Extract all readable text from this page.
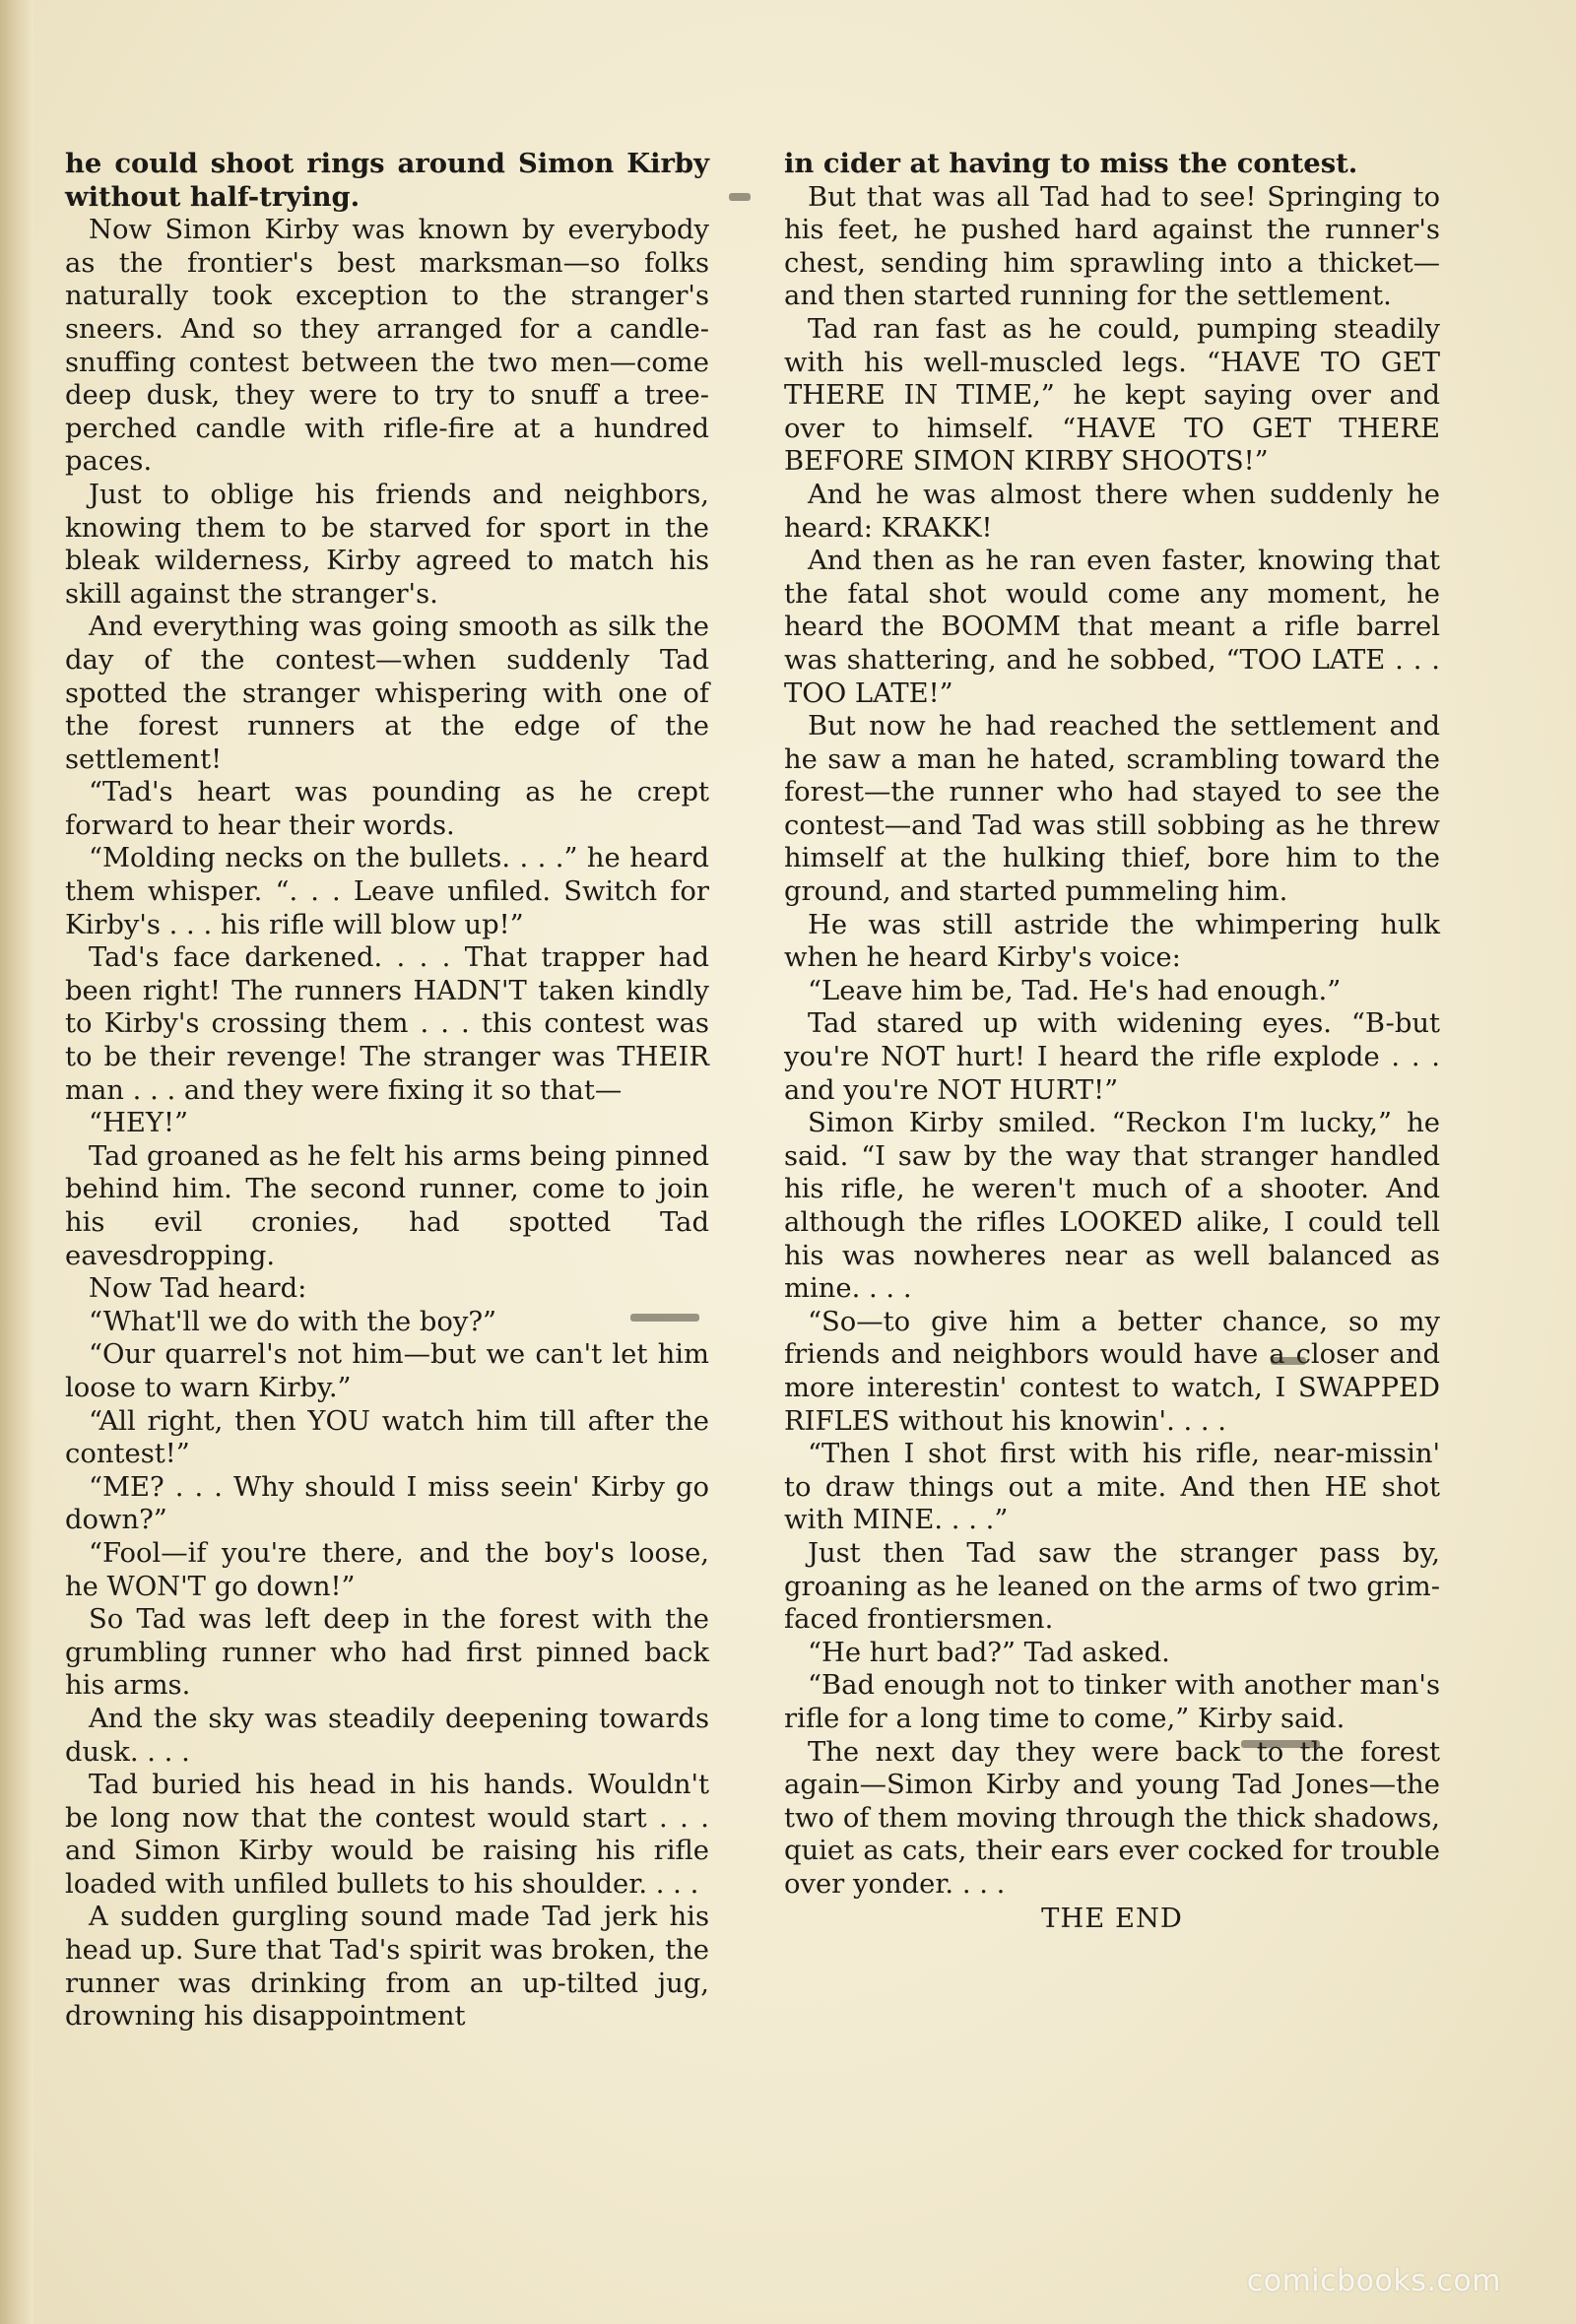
he could shoot rings around Simon Kirby without half-trying.

Now Simon Kirby was known by everybody as the frontier's best marksman—so folks naturally took exception to the stranger's sneers. And so they arranged for a candle-snuffing contest between the two men—come deep dusk, they were to try to snuff a tree-perched candle with rifle-fire at a hundred paces.

Just to oblige his friends and neighbors, knowing them to be starved for sport in the bleak wilderness, Kirby agreed to match his skill against the stranger's.

And everything was going smooth as silk the day of the contest—when suddenly Tad spotted the stranger whispering with one of the forest runners at the edge of the settlement!

“Tad's heart was pounding as he crept forward to hear their words.

“Molding necks on the bullets. . . .” he heard them whisper. “. . . Leave unfiled. Switch for Kirby's . . . his rifle will blow up!”

Tad's face darkened. . . . That trapper had been right! The runners HADN'T taken kindly to Kirby's crossing them . . . this contest was to be their revenge! The stranger was THEIR man . . . and they were fixing it so that—

“HEY!”

Tad groaned as he felt his arms being pinned behind him. The second runner, come to join his evil cronies, had spotted Tad eavesdropping.

Now Tad heard:

“What'll we do with the boy?”

“Our quarrel's not him—but we can't let him loose to warn Kirby.”

“All right, then YOU watch him till after the contest!”

“ME? . . . Why should I miss seein' Kirby go down?”

“Fool—if you're there, and the boy's loose, he WON'T go down!”

So Tad was left deep in the forest with the grumbling runner who had first pinned back his arms.

And the sky was steadily deepening towards dusk. . . .

Tad buried his head in his hands. Wouldn't be long now that the contest would start . . . and Simon Kirby would be raising his rifle loaded with unfiled bullets to his shoulder. . . .

A sudden gurgling sound made Tad jerk his head up. Sure that Tad's spirit was broken, the runner was drinking from an up-tilted jug, drowning his disappointment

in cider at having to miss the contest.

But that was all Tad had to see! Springing to his feet, he pushed hard against the runner's chest, sending him sprawling into a thicket—and then started running for the settlement.

Tad ran fast as he could, pumping steadily with his well-muscled legs. “HAVE TO GET THERE IN TIME,” he kept saying over and over to himself. “HAVE TO GET THERE BEFORE SIMON KIRBY SHOOTS!”

And he was almost there when suddenly he heard: KRAKK!

And then as he ran even faster, knowing that the fatal shot would come any moment, he heard the BOOMM that meant a rifle barrel was shattering, and he sobbed, “TOO LATE . . . TOO LATE!”

But now he had reached the settlement and he saw a man he hated, scrambling toward the forest—the runner who had stayed to see the contest—and Tad was still sobbing as he threw himself at the hulking thief, bore him to the ground, and started pummeling him.

He was still astride the whimpering hulk when he heard Kirby's voice:

“Leave him be, Tad. He's had enough.”

Tad stared up with widening eyes. “B-but you're NOT hurt! I heard the rifle explode . . . and you're NOT HURT!”

Simon Kirby smiled. “Reckon I'm lucky,” he said. “I saw by the way that stranger handled his rifle, he weren't much of a shooter. And although the rifles LOOKED alike, I could tell his was nowheres near as well balanced as mine. . . .

“So—to give him a better chance, so my friends and neighbors would have a closer and more interestin' contest to watch, I SWAPPED RIFLES without his knowin'. . . .

“Then I shot first with his rifle, near-missin' to draw things out a mite. And then HE shot with MINE. . . .”

Just then Tad saw the stranger pass by, groaning as he leaned on the arms of two grim-faced frontiersmen.

“He hurt bad?” Tad asked.

“Bad enough not to tinker with another man's rifle for a long time to come,” Kirby said.

The next day they were back to the forest again—Simon Kirby and young Tad Jones—the two of them moving through the thick shadows, quiet as cats, their ears ever cocked for trouble over yonder. . . .

THE END

comicbooks.com
